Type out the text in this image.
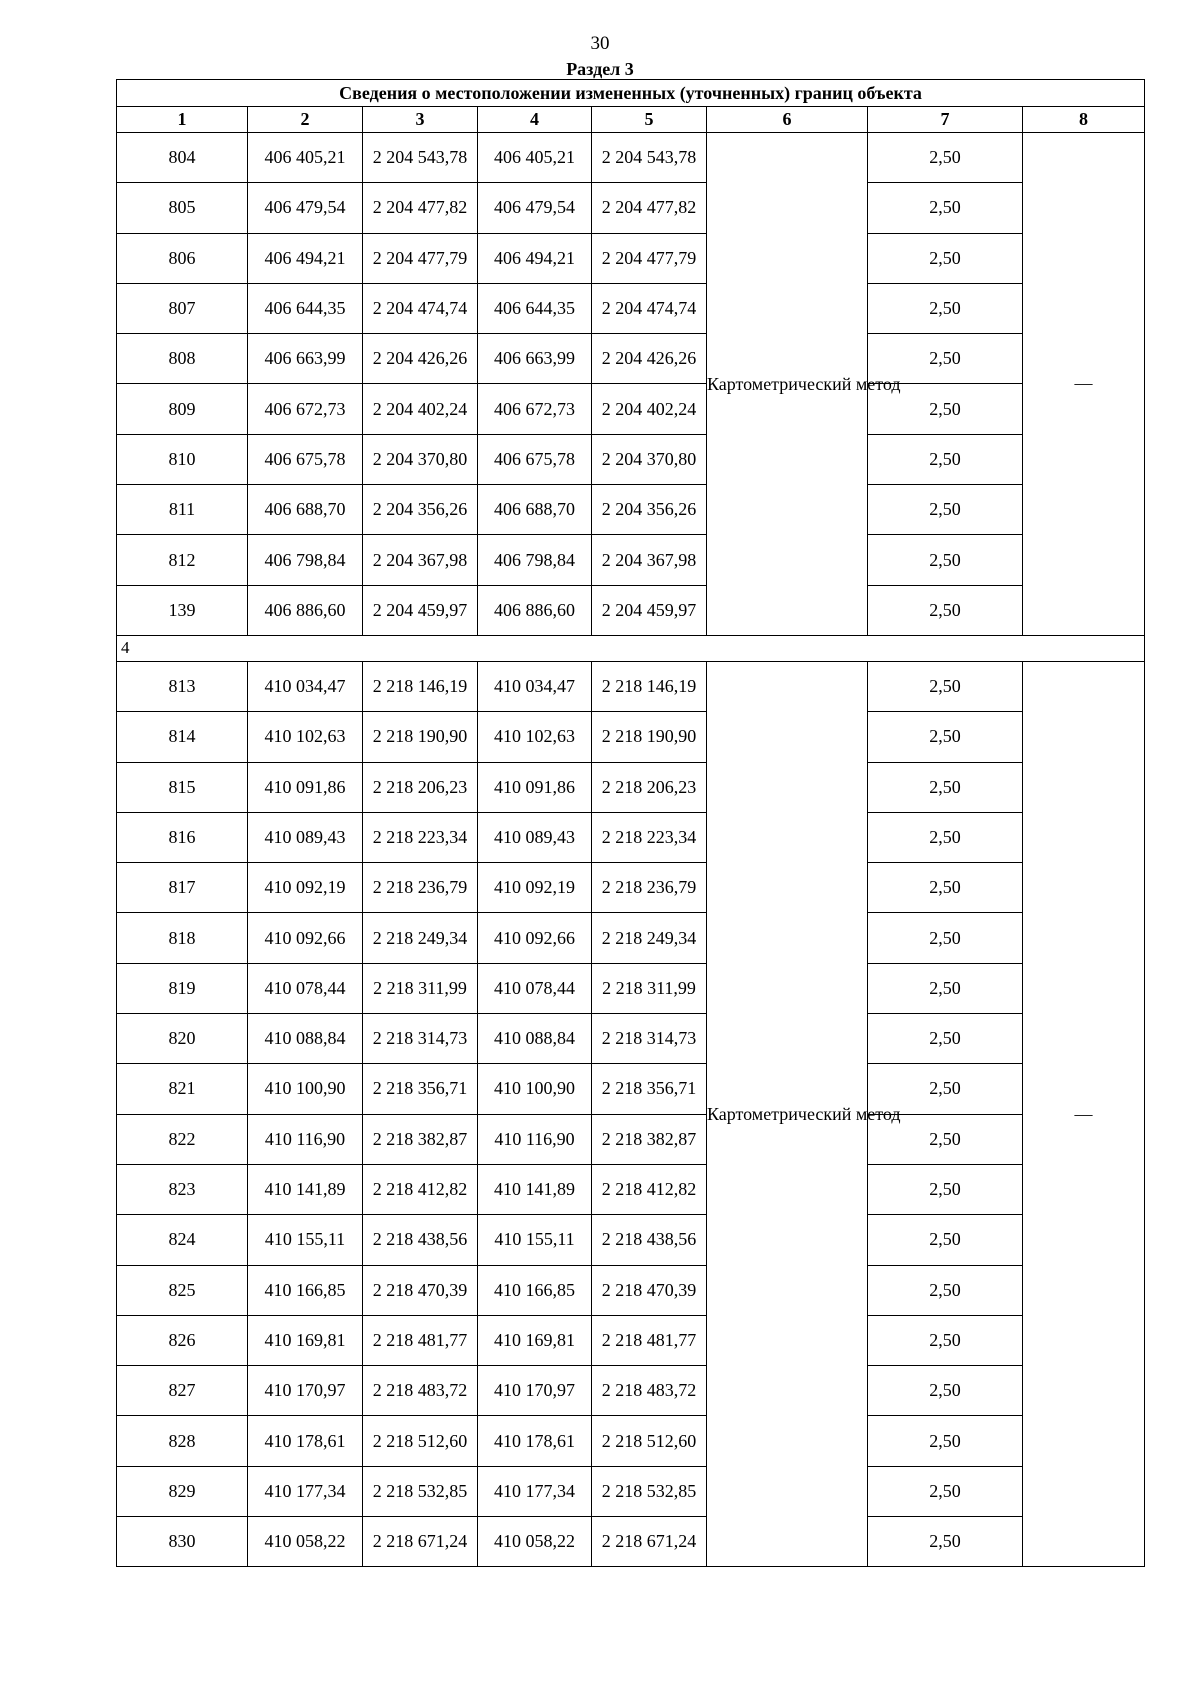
30
Раздел 3
Сведения о местоположении измененных (уточненных) границ объекта							
1	2	3	4	5	6	7	8
804	406 405,21	2 204 543,78	406 405,21	2 204 543,78	Картометрический метод	2,50	—
805	406 479,54	2 204 477,82	406 479,54	2 204 477,82		2,50	
806	406 494,21	2 204 477,79	406 494,21	2 204 477,79		2,50	
807	406 644,35	2 204 474,74	406 644,35	2 204 474,74		2,50	
808	406 663,99	2 204 426,26	406 663,99	2 204 426,26		2,50	
809	406 672,73	2 204 402,24	406 672,73	2 204 402,24		2,50	
810	406 675,78	2 204 370,80	406 675,78	2 204 370,80		2,50	
811	406 688,70	2 204 356,26	406 688,70	2 204 356,26		2,50	
812	406 798,84	2 204 367,98	406 798,84	2 204 367,98		2,50	
139	406 886,60	2 204 459,97	406 886,60	2 204 459,97		2,50	
4							
813	410 034,47	2 218 146,19	410 034,47	2 218 146,19	Картометрический метод	2,50	—
814	410 102,63	2 218 190,90	410 102,63	2 218 190,90		2,50	
815	410 091,86	2 218 206,23	410 091,86	2 218 206,23		2,50	
816	410 089,43	2 218 223,34	410 089,43	2 218 223,34		2,50	
817	410 092,19	2 218 236,79	410 092,19	2 218 236,79		2,50	
818	410 092,66	2 218 249,34	410 092,66	2 218 249,34		2,50	
819	410 078,44	2 218 311,99	410 078,44	2 218 311,99		2,50	
820	410 088,84	2 218 314,73	410 088,84	2 218 314,73		2,50	
821	410 100,90	2 218 356,71	410 100,90	2 218 356,71		2,50	
822	410 116,90	2 218 382,87	410 116,90	2 218 382,87		2,50	
823	410 141,89	2 218 412,82	410 141,89	2 218 412,82		2,50	
824	410 155,11	2 218 438,56	410 155,11	2 218 438,56		2,50	
825	410 166,85	2 218 470,39	410 166,85	2 218 470,39		2,50	
826	410 169,81	2 218 481,77	410 169,81	2 218 481,77		2,50	
827	410 170,97	2 218 483,72	410 170,97	2 218 483,72		2,50	
828	410 178,61	2 218 512,60	410 178,61	2 218 512,60		2,50	
829	410 177,34	2 218 532,85	410 177,34	2 218 532,85		2,50	
830	410 058,22	2 218 671,24	410 058,22	2 218 671,24		2,50	
